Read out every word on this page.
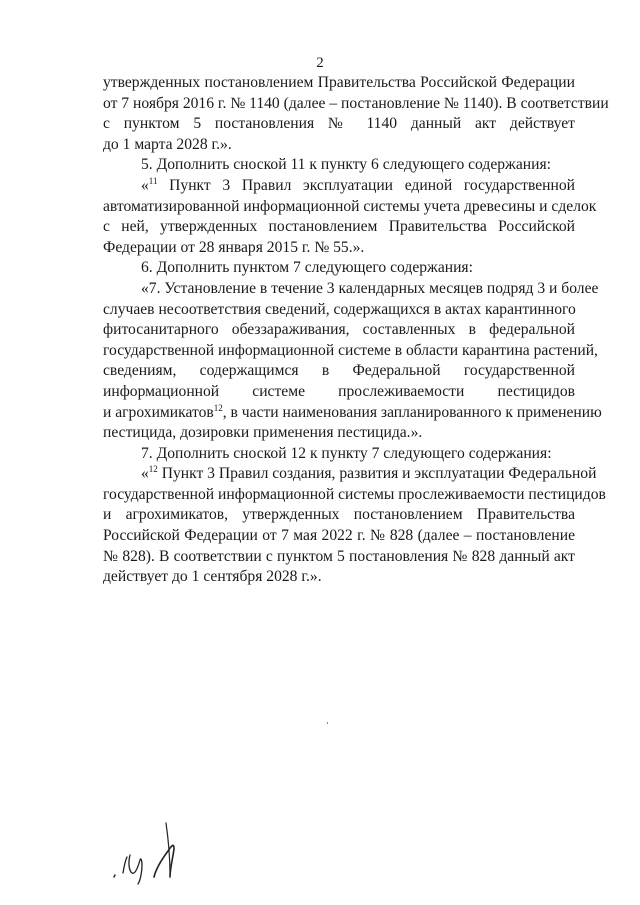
2
утвержденных постановлением Правительства Российской Федерации
от 7 ноября 2016 г. № 1140 (далее – постановление № 1140). В соответствии
с пунктом 5 постановления № 1140 данный акт действует
до 1 марта 2028 г.».
5. Дополнить сноской 11 к пункту 6 следующего содержания:
«$^{11}$ Пункт 3 Правил эксплуатации единой государственной
автоматизированной информационной системы учета древесины и сделок
с ней, утвержденных постановлением Правительства Российской
Федерации от 28 января 2015 г. № 55.».
6. Дополнить пунктом 7 следующего содержания:
«7. Установление в течение 3 календарных месяцев подряд 3 и более
случаев несоответствия сведений, содержащихся в актах карантинного
фитосанитарного обеззараживания, составленных в федеральной
государственной информационной системе в области карантина растений,
сведениям, содержащимся в Федеральной государственной
информационной системе прослеживаемости пестицидов
и агрохимикатов$^{12}$, в части наименования запланированного к применению
пестицида, дозировки применения пестицида.».
7. Дополнить сноской 12 к пункту 7 следующего содержания:
«$^{12}$ Пункт 3 Правил создания, развития и эксплуатации Федеральной
государственной информационной системы прослеживаемости пестицидов
и агрохимикатов, утвержденных постановлением Правительства
Российской Федерации от 7 мая 2022 г. № 828 (далее – постановление
№ 828). В соответствии с пунктом 5 постановления № 828 данный акт
действует до 1 сентября 2028 г.».
